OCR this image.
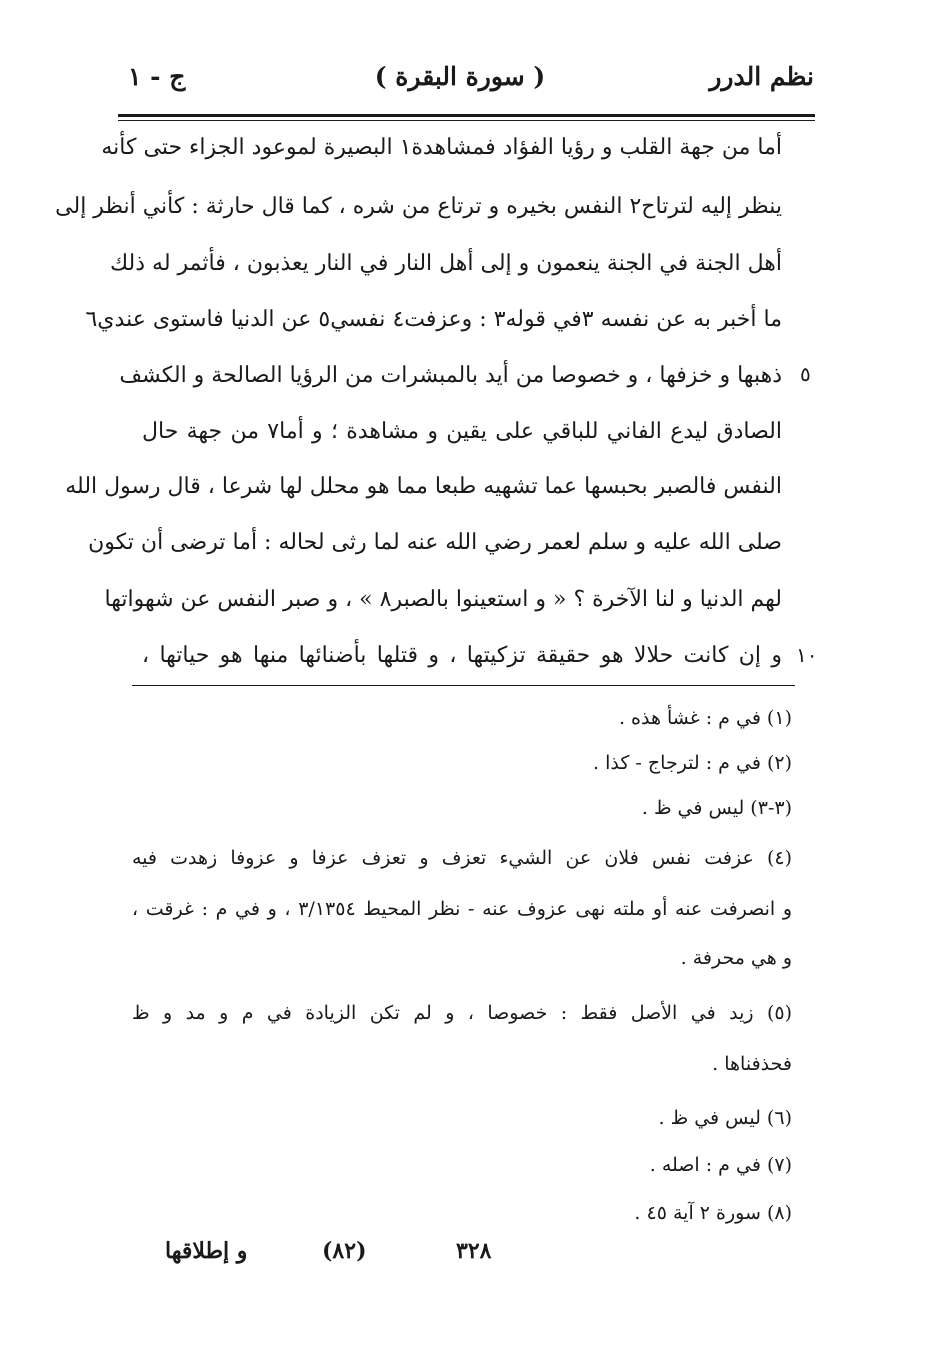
نظم الدرر
( سورة البقرة )
ج - ١
أما من جهة القلب و رؤيا الفؤاد فمشاهدة١ البصيرة لموعود الجزاء حتى كأنه
ينظر إليه لترتاح٢ النفس بخيره و ترتاع من شره ، كما قال حارثة : كأني أنظر إلى
أهل الجنة في الجنة ينعمون و إلى أهل النار في النار يعذبون ، فأثمر له ذلك
ما أخبر به عن نفسه ٣في قوله٣ : وعزفت٤ نفسي٥ عن الدنيا فاستوى عندي٦
ذهبها و خزفها ، و خصوصا من أيد بالمبشرات من الرؤيا الصالحة و الكشف
الصادق ليدع الفاني للباقي على يقين و مشاهدة ؛ و أما٧ من جهة حال
النفس فالصبر بحبسها عما تشهيه طبعا مما هو محلل لها شرعا ، قال رسول الله
صلى الله عليه و سلم لعمر رضي الله عنه لما رثى لحاله : أما ترضى أن تكون
لهم الدنيا و لنا الآخرة ؟ « و استعينوا بالصبر٨ » ، و صبر النفس عن شهواتها
و إن كانت حلالا هو حقيقة تزكيتها ، و قتلها بأضنائها منها هو حياتها ،
٥
١٠
(١) في م : غشأ هذه .
(٢) في م : لترجاج - كذا .
(٣-٣) ليس في ظ .
(٤) عزفت نفس فلان عن الشيء تعزف و تعزف عزفا و عزوفا زهدت فيه
و انصرفت عنه أو ملته نهى عزوف عنه - نظر المحيط ٣/١٣٥٤ ، و في م : غرقت ،
و هي محرفة .
(٥) زيد في الأصل فقط : خصوصا ، و لم تكن الزيادة في م و مد و ظ
فحذفناها .
(٦) ليس في ظ .
(٧) في م : اصله .
(٨) سورة ٢ آية ٤٥ .
٣٢٨
(٨٢)
و إطلاقها
